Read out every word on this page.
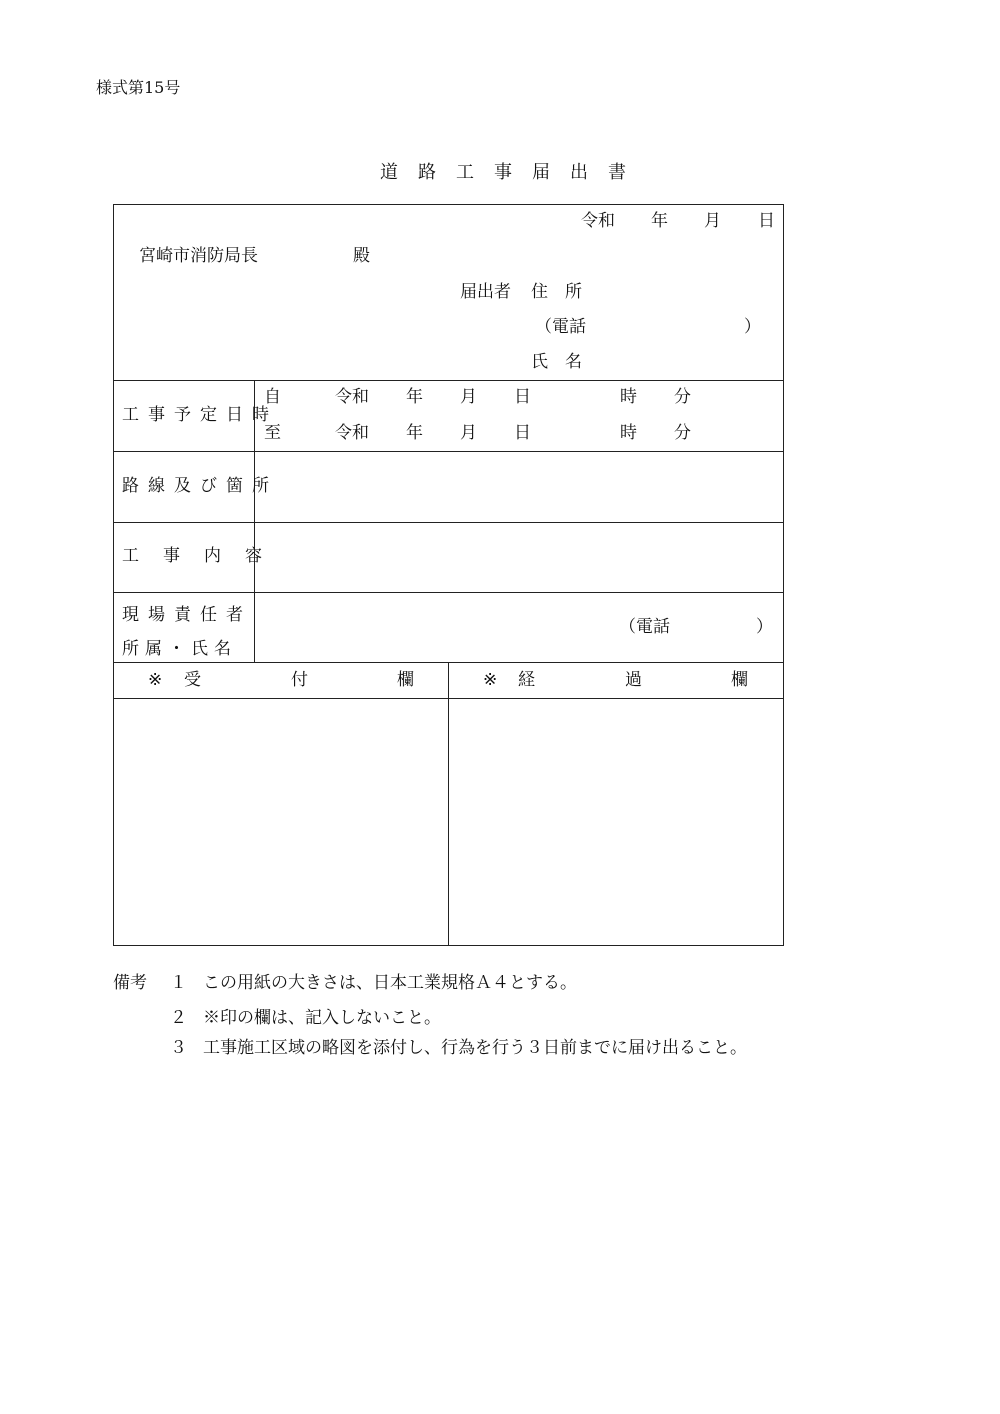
様式第15号
道路工事届出書
令和 年 月 日
宮崎市消防局長	殿
届出者 住　所
（電話	）
氏　名
工事予定日時
自	令和 年 月 日	時 分
至	令和 年 月 日	時 分
路線及び箇所
工事内容
現場責任者
所属・氏名
（電話	）
※ 受	付	欄	※ 経	過	欄
備考 １ この用紙の大きさは、日本工業規格Ａ４とする。
２ ※印の欄は、記入しないこと。
３ 工事施工区域の略図を添付し、行為を行う３日前までに届け出ること。
